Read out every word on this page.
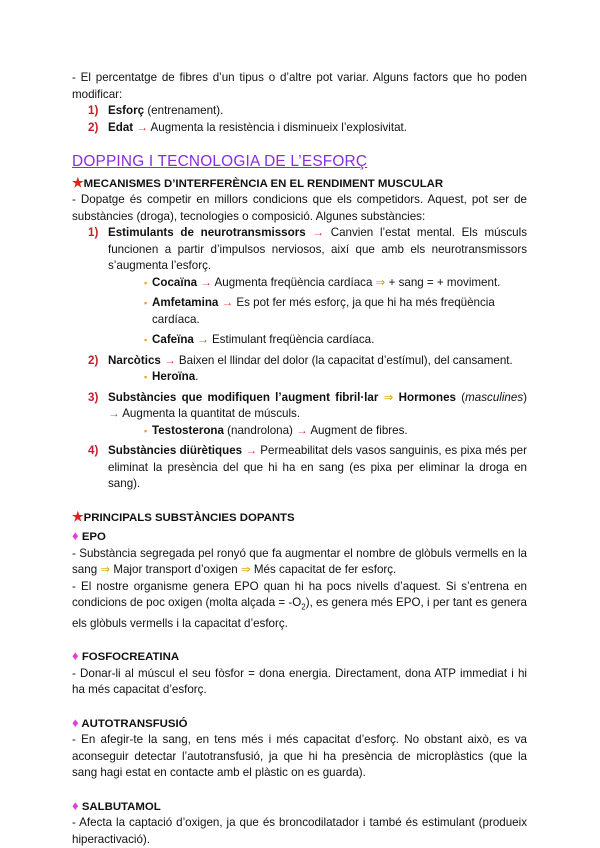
- El percentatge de fibres d’un tipus o d’altre pot variar. Alguns factors que ho poden modificar:

1) Esforç (entrenament).
2) Edat → Augmenta la resistència i disminueix l’explosivitat.
DOPPING I TECNOLOGIA DE L’ESFORÇ

★MECANISMES D’INTERFERÈNCIA EN EL RENDIMENT MUSCULAR

- Dopatge és competir en millors condicions que els competidors. Aquest, pot ser de substàncies (droga), tecnologies o composició. Algunes substàncies:

1) Estimulants de neurotransmissors → Canvien l’estat mental. Els músculs funcionen a partir d’impulsos nerviosos, així que amb els neurotransmissors s’augmenta l’esforç.

▪ Cocaïna → Augmenta freqüència cardíaca ⇒ + sang = + moviment.
▪ Amfetamina → Es pot fer més esforç, ja que hi ha més freqüència cardíaca.
▪ Cafeïna → Estimulant freqüència cardíaca.
2) Narcòtics → Baixen el llindar del dolor (la capacitat d’estímul), del cansament.
▪ Heroïna.

3) Substàncies que modifiquen l’augment fibril·lar ⇒ Hormones (masculines) → Augmenta la quantitat de músculs.

▪ Testosterona (nandrolona) → Augment de fibres.

4) Substàncies diürètiques → Permeabilitat dels vasos sanguinis, es pixa més per eliminat la presència del que hi ha en sang (es pixa per eliminar la droga en sang).

★PRINCIPALS SUBSTÀNCIES DOPANTS

♦ EPO

- Substància segregada pel ronyó que fa augmentar el nombre de glòbuls vermells en la sang ⇒ Major transport d’oxigen ⇒ Més capacitat de fer esforç.

- El nostre organisme genera EPO quan hi ha pocs nivells d’aquest. Si s’entrena en condicions de poc oxigen (molta alçada = $-O_2$), es genera més EPO, i per tant es genera els glòbuls vermells i la capacitat d’esforç.

♦ FOSFOCREATINA

- Donar-li al múscul el seu fòsfor = dona energia. Directament, dona ATP immediat i hi ha més capacitat d’esforç.

♦ AUTOTRANSFUSIÓ

- En afegir-te la sang, en tens més i més capacitat d’esforç. No obstant això, es va aconseguir detectar l’autotransfusió, ja que hi ha presència de microplàstics (que la sang hagi estat en contacte amb el plàstic on es guarda).

♦ SALBUTAMOL

- Afecta la captació d’oxigen, ja que és broncodilatador i també és estimulant (produeix hiperactivació).
